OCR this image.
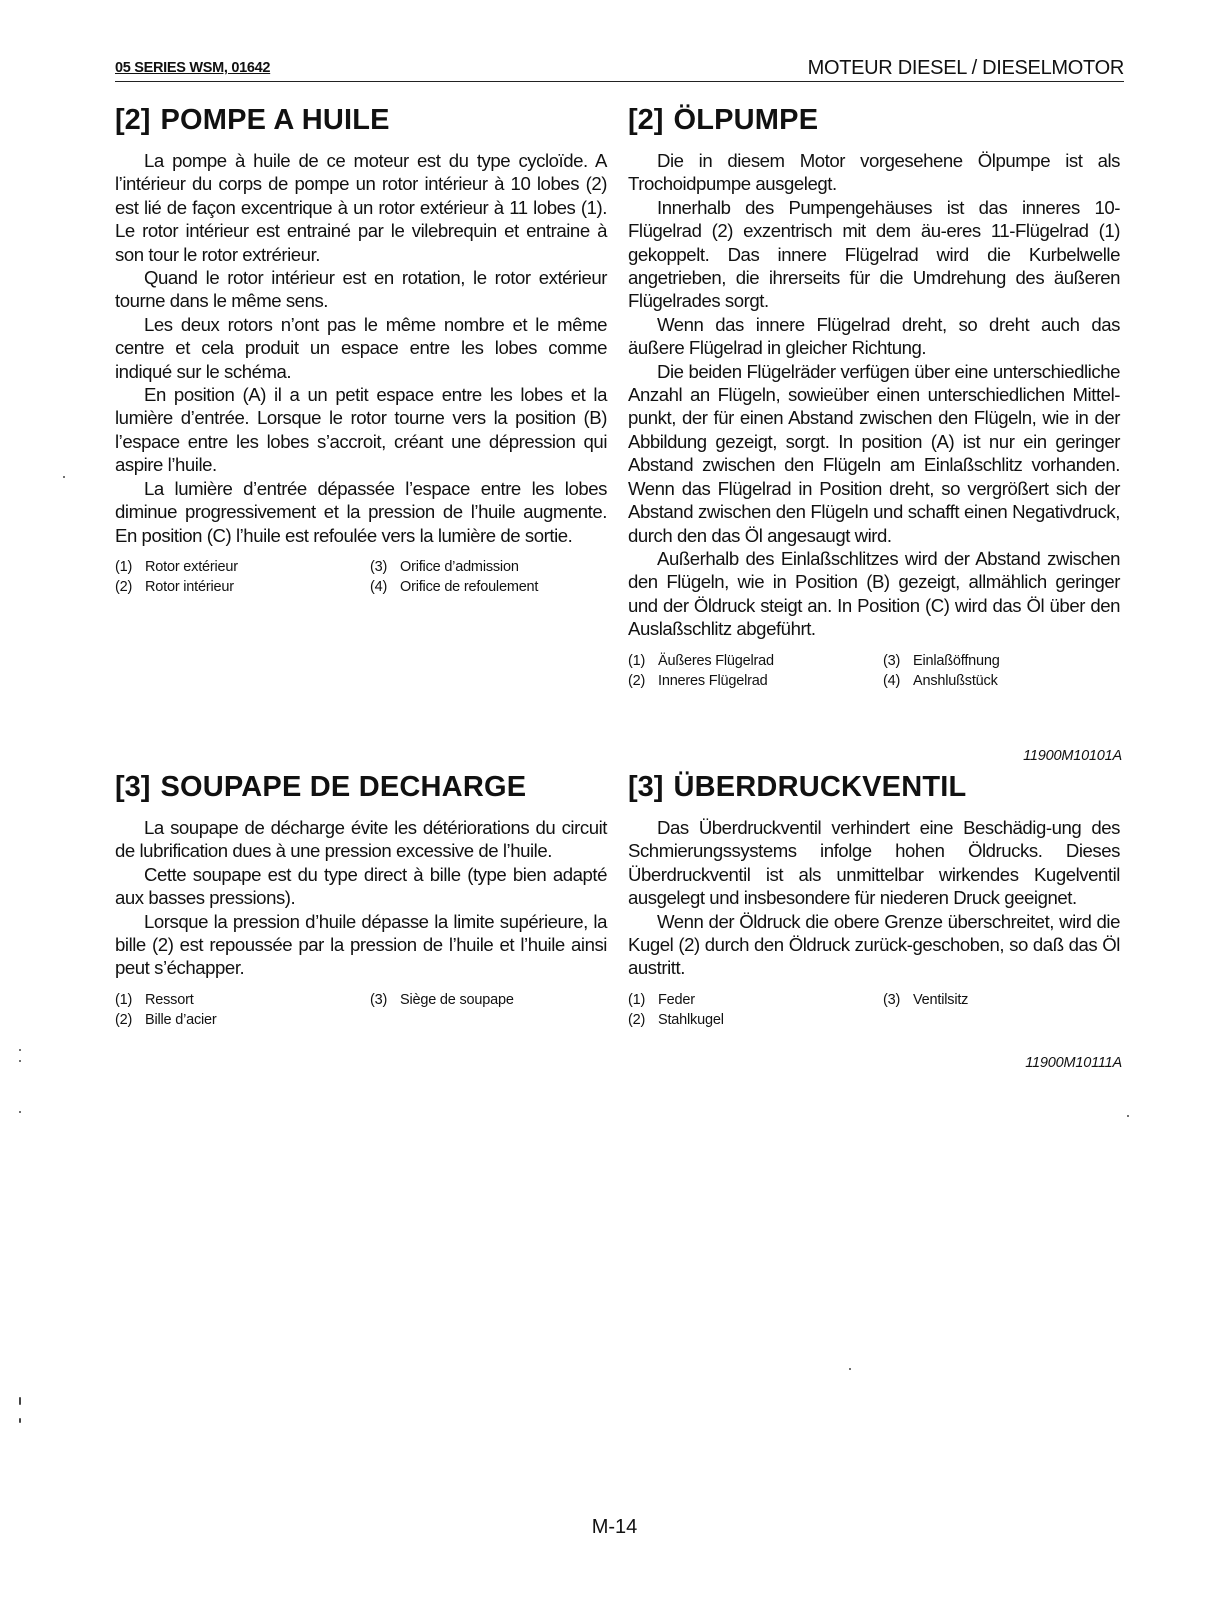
05 SERIES WSM, 01642	MOTEUR DIESEL / DIESELMOTOR
[2] POMPE A HUILE

La pompe à huile de ce moteur est du type cycloïde. A l’intérieur du corps de pompe un rotor intérieur à 10 lobes (2) est lié de façon excentrique à un rotor extérieur à 11 lobes (1). Le rotor intérieur est entrainé par le vilebrequin et entraine à son tour le rotor extrérieur.

Quand le rotor intérieur est en rotation, le rotor extérieur tourne dans le même sens.

Les deux rotors n’ont pas le même nombre et le même centre et cela produit un espace entre les lobes comme indiqué sur le schéma.

En position (A) il a un petit espace entre les lobes et la lumière d’entrée. Lorsque le rotor tourne vers la position (B) l’espace entre les lobes s’accroit, créant une dépression qui aspire l’huile.

La lumière d’entrée dépassée l’espace entre les lobes diminue progressivement et la pression de l’huile augmente. En position (C) l’huile est refoulée vers la lumière de sortie.

(1) Rotor extérieur	(3) Orifice d’admission
(2) Rotor intérieur	(4) Orifice de refoulement
[2] ÖLPUMPE

Die in diesem Motor vorgesehene Ölpumpe ist als Trochoidpumpe ausgelegt.

Innerhalb des Pumpengehäuses ist das inneres 10-Flügelrad (2) exzentrisch mit dem äu-eres 11-Flügelrad (1) gekoppelt. Das innere Flügelrad wird die Kurbelwelle angetrieben, die ihrerseits für die Umdrehung des äußeren Flügelrades sorgt.

Wenn das innere Flügelrad dreht, so dreht auch das äußere Flügelrad in gleicher Richtung.

Die beiden Flügelräder verfügen über eine unterschiedliche Anzahl an Flügeln, sowieüber einen unterschiedlichen Mittel-punkt, der für einen Abstand zwischen den Flügeln, wie in der Abbildung gezeigt, sorgt. In position (A) ist nur ein geringer Abstand zwischen den Flügeln am Einlaßschlitz vorhanden. Wenn das Flügelrad in Position dreht, so vergrößert sich der Abstand zwischen den Flügeln und schafft einen Negativdruck, durch den das Öl angesaugt wird.

Außerhalb des Einlaßschlitzes wird der Abstand zwischen den Flügeln, wie in Position (B) gezeigt, allmählich geringer und der Öldruck steigt an. In Position (C) wird das Öl über den Auslaßschlitz abgeführt.

(1) Äußeres Flügelrad	(3) Einlaßöffnung
(2) Inneres Flügelrad	(4) Anshlußstück
11900M10101A
[3] SOUPAPE DE DECHARGE

La soupape de décharge évite les détériorations du circuit de lubrification dues à une pression excessive de l’huile.

Cette soupape est du type direct à bille (type bien adapté aux basses pressions).

Lorsque la pression d’huile dépasse la limite supérieure, la bille (2) est repoussée par la pression de l’huile et l’huile ainsi peut s’échapper.

(1) Ressort	(3) Siège de soupape
(2) Bille d’acier
[3] ÜBERDRUCKVENTIL

Das Überdruckventil verhindert eine Beschädig-ung des Schmierungssystems infolge hohen Öldrucks. Dieses Überdruckventil ist als unmittelbar wirkendes Kugelventil ausgelegt und insbesondere für niederen Druck geeignet.

Wenn der Öldruck die obere Grenze überschreitet, wird die Kugel (2) durch den Öldruck zurück-geschoben, so daß das Öl austritt.

(1) Feder	(3) Ventilsitz
(2) Stahlkugel
11900M10111A
M-14
